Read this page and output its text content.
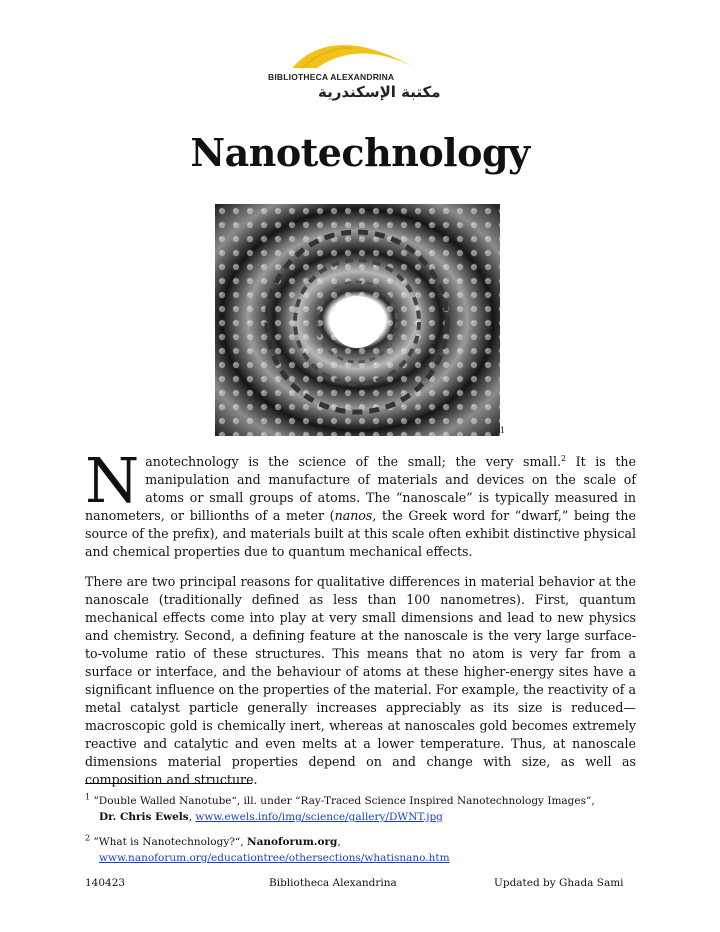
BIBLIOTHECA ALEXANDRINA
مكتبة الإسكندرية
Nanotechnology
1
Nanotechnology is the science of the small; the very small.$^2$ It is the manipulation and manufacture of materials and devices on the scale of atoms or small groups of atoms. The “nanoscale” is typically measured in nanometers, or billionths of a meter (nanos, the Greek word for “dwarf,” being the source of the prefix), and materials built at this scale often exhibit distinctive physical and chemical properties due to quantum mechanical effects.
There are two principal reasons for qualitative differences in material behavior at the nanoscale (traditionally defined as less than 100 nanometres). First, quantum mechanical effects come into play at very small dimensions and lead to new physics and chemistry. Second, a defining feature at the nanoscale is the very large surface-to-volume ratio of these structures. This means that no atom is very far from a surface or interface, and the behaviour of atoms at these higher-energy sites have a significant influence on the properties of the material. For example, the reactivity of a metal catalyst particle generally increases appreciably as its size is reduced—macroscopic gold is chemically inert, whereas at nanoscales gold becomes extremely reactive and catalytic and even melts at a lower temperature. Thus, at nanoscale dimensions material properties depend on and change with size, as well as composition and structure.
$^1$ ”Double Walled Nanotube“, ill. under “Ray-Traced Science Inspired Nanotechnology Images”,
Dr. Chris Ewels, www.ewels.info/img/science/gallery/DWNT.jpg
$^2$ ”What is Nanotechnology?“, Nanoforum.org,
www.nanoforum.org/educationtree/othersections/whatisnano.htm
140423	Bibliotheca Alexandrina	Updated by Ghada Sami
